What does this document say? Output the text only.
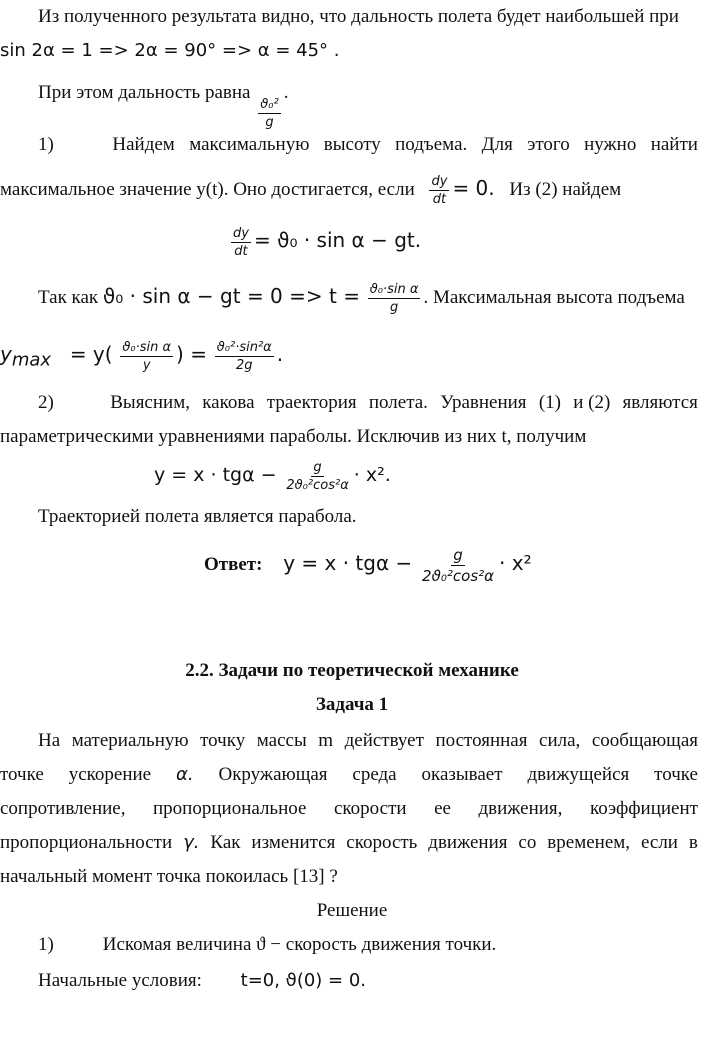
Из полученного результата видно, что дальность полета будет наибольшей при
sin 2α = 1 => 2α = 90° => α = 45° .
При этом дальность равна
$\frac{\text{ϑ₀²}}{g}$
.
1)	Найдем максимальную высоту подъема. Для этого нужно найти
максимальное значение y(t). Оно достигается, если $\frac{dy}{dt} = 0$. Из (2) найдем
$\frac{dy}{dt} = ϑ_0 \cdot \sin \alpha$ − gt.
Так как ϑ₀ · sin α − gt = $0 => t = \frac{\text{ϑ₀·sin α}}{g}$ . Максимальная высота подъема
$y_{max} = y( \frac{\text{ϑ₀·sin α}}{y}$ ) = $\frac{\text{ϑ₀²·sin²α}}{2g}$ .
2)	Выясним, какова траектория полета. Уравнения (1) и (2) являются
параметрическими уравнениями параболы. Исключив из них t, получим
$y = x \cdot tg\alpha - \frac{g}{\text{2ϑ₀²cos²α}} \cdot x^2$.
Траекторией полета является парабола.
Ответ: $y = x \cdot tg\alpha - \frac{g}{\text{2ϑ₀²cos²α}} \cdot x^2$
2.2. Задачи по теоретической механике
Задача 1
На материальную точку массы m действует постоянная сила, сообщающая
точке ускорение α. Окружающая среда оказывает движущейся точке
сопротивление, пропорциональное скорости ее движения, коэффициент
пропорциональности γ. Как изменится скорость движения со временем, если в
начальный момент точка покоилась [13] ?
Решение
1)	Искомая величина ϑ − скорость движения точки.
Начальные условия: t=0, ϑ(0) = 0.
